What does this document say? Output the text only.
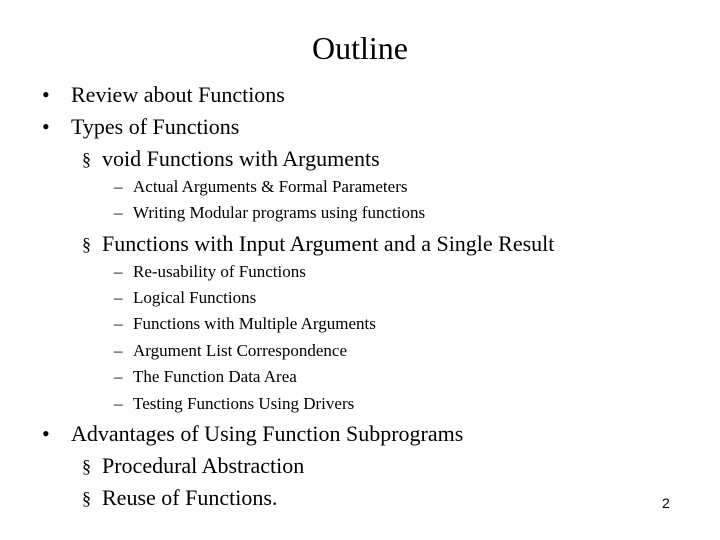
Outline
• Review about Functions
• Types of Functions
§ void Functions with Arguments
– Actual Arguments & Formal Parameters
– Writing Modular programs using functions
§ Functions with Input Argument and a Single Result
– Re-usability of Functions
– Logical Functions
– Functions with Multiple Arguments
– Argument List Correspondence
– The Function Data Area
– Testing Functions Using Drivers
• Advantages of Using Function Subprograms
§ Procedural Abstraction
§ Reuse of Functions.	2
